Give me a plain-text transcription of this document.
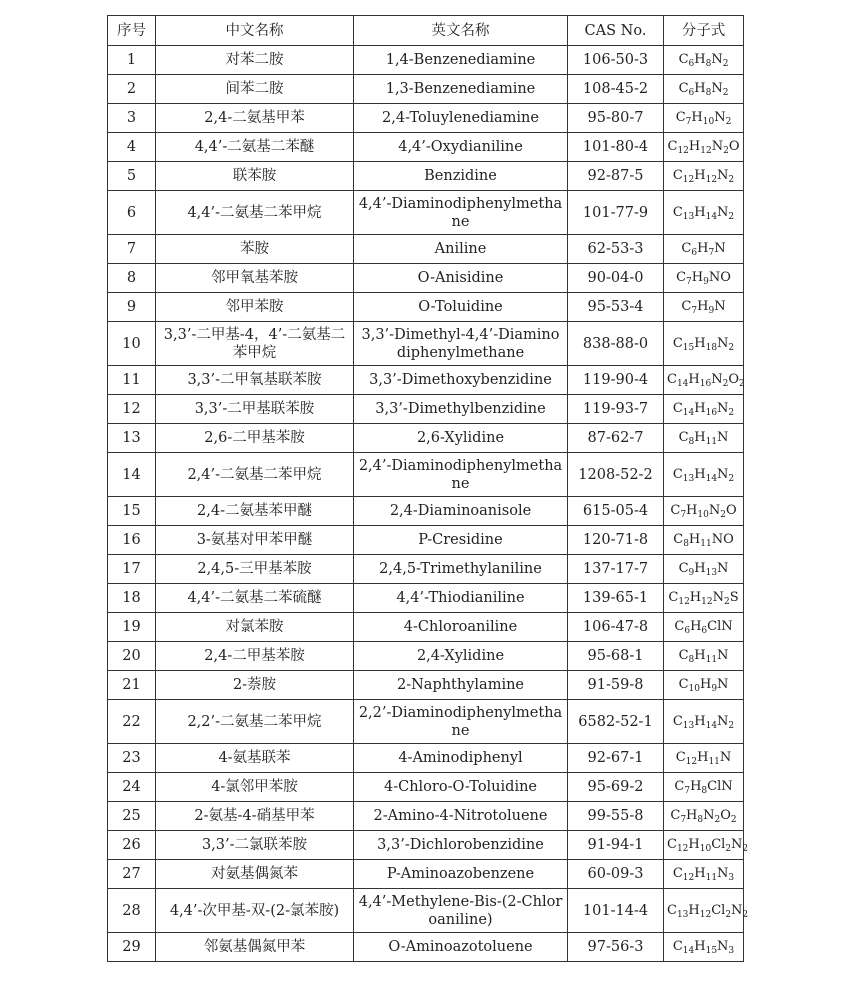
序号	中文名称	英文名称	CAS No.	分子式
1	对苯二胺	1,4-Benzenediamine	106-50-3	$C_6H_8N_2$
2	间苯二胺	1,3-Benzenediamine	108-45-2	$C_6H_8N_2$
3	2,4-二氨基甲苯	2,4-Toluylenediamine	95-80-7	$C_7H_{10}N_2$
4	4,4’-二氨基二苯醚	4,4’-Oxydianiline	101-80-4	$C_{12}H_{12}N_2O$
5	联苯胺	Benzidine	92-87-5	$C_{12}H_{12}N_2$
6	4,4’-二氨基二苯甲烷	4,4’-Diaminodiphenylmethane	101-77-9	$C_{13}H_{14}N_2$
7	苯胺	Aniline	62-53-3	$C_6H_7N$
8	邻甲氧基苯胺	O-Anisidine	90-04-0	$C_7H_9NO$
9	邻甲苯胺	O-Toluidine	95-53-4	$C_7H_9N$
10	3,3’-二甲基-4，4’-二氨基二苯甲烷	3,3’-Dimethyl-4,4’-Diaminodiphenylmethane	838-88-0	$C_{15}H_{18}N_2$
11	3,3’-二甲氧基联苯胺	3,3’-Dimethoxybenzidine	119-90-4	$C_{14}H_{16}N_2O_2$
12	3,3’-二甲基联苯胺	3,3’-Dimethylbenzidine	119-93-7	$C_{14}H_{16}N_2$
13	2,6-二甲基苯胺	2,6-Xylidine	87-62-7	$C_8H_{11}N$
14	2,4’-二氨基二苯甲烷	2,4’-Diaminodiphenylmethane	1208-52-2	$C_{13}H_{14}N_2$
15	2,4-二氨基苯甲醚	2,4-Diaminoanisole	615-05-4	$C_7H_{10}N_2O$
16	3-氨基对甲苯甲醚	P-Cresidine	120-71-8	$C_8H_{11}NO$
17	2,4,5-三甲基苯胺	2,4,5-Trimethylaniline	137-17-7	$C_9H_{13}N$
18	4,4’-二氨基二苯硫醚	4,4’-Thiodianiline	139-65-1	$C_{12}H_{12}N_2S$
19	对氯苯胺	4-Chloroaniline	106-47-8	$C_6H_6ClN$
20	2,4-二甲基苯胺	2,4-Xylidine	95-68-1	$C_8H_{11}N$
21	2-萘胺	2-Naphthylamine	91-59-8	$C_{10}H_9N$
22	2,2’-二氨基二苯甲烷	2,2’-Diaminodiphenylmethane	6582-52-1	$C_{13}H_{14}N_2$
23	4-氨基联苯	4-Aminodiphenyl	92-67-1	$C_{12}H_{11}N$
24	4-氯邻甲苯胺	4-Chloro-O-Toluidine	95-69-2	$C_7H_8ClN$
25	2-氨基-4-硝基甲苯	2-Amino-4-Nitrotoluene	99-55-8	$C_7H_8N_2O_2$
26	3,3’-二氯联苯胺	3,3’-Dichlorobenzidine	91-94-1	$C_{12}H_{10}Cl_2N_2$
27	对氨基偶氮苯	P-Aminoazobenzene	60-09-3	$C_{12}H_{11}N_3$
28	4,4’-次甲基-双-(2-氯苯胺)	4,4’-Methylene-Bis-(2-Chloroaniline)	101-14-4	$C_{13}H_{12}Cl_2N_2$
29	邻氨基偶氮甲苯	O-Aminoazotoluene	97-56-3	$C_{14}H_{15}N_3$
